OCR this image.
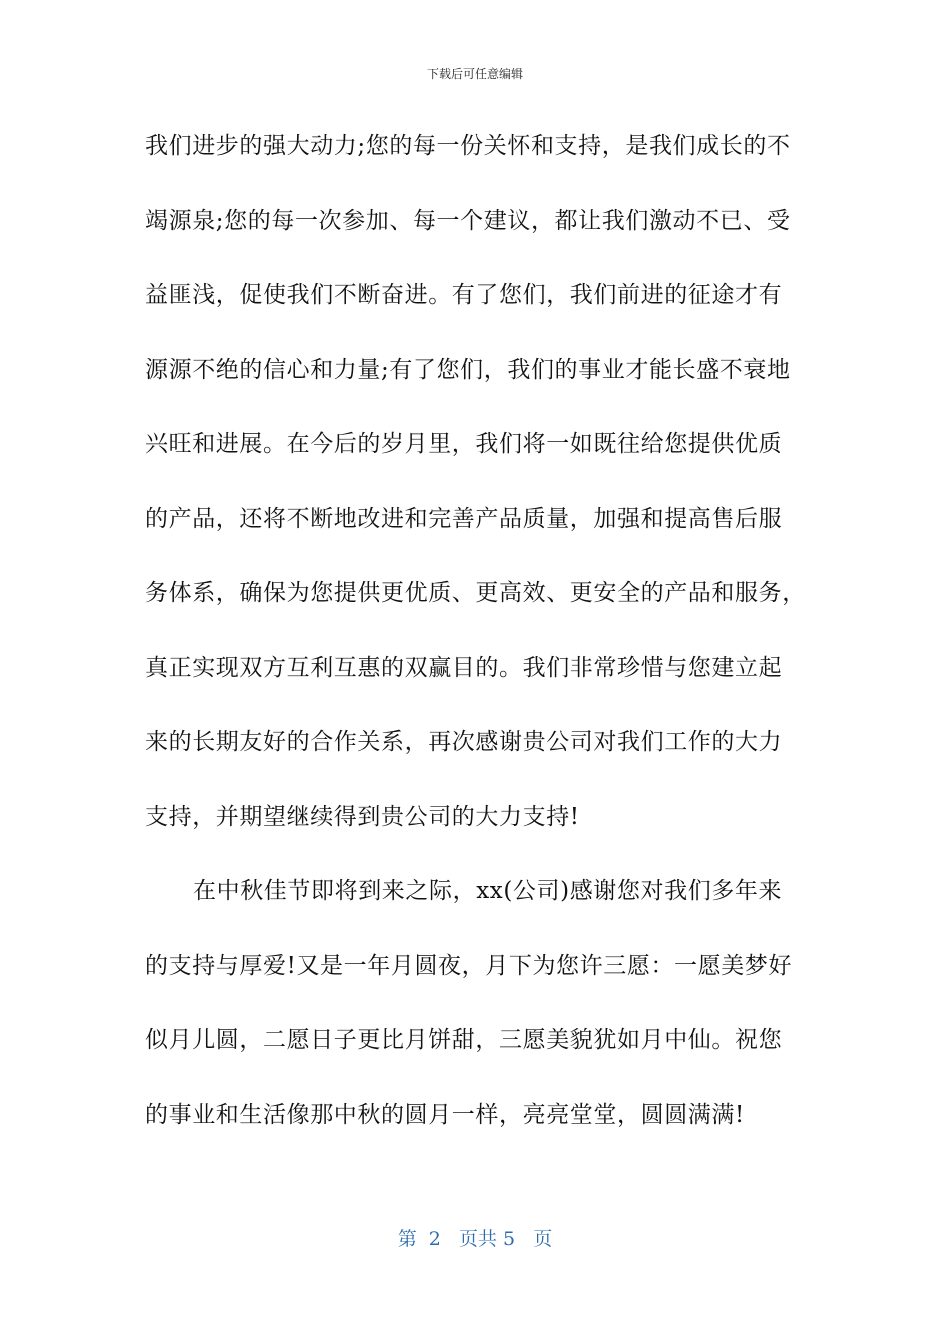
下载后可任意编辑
我们进步的强大动力;您的每一份关怀和支持，是我们成长的不
竭源泉;您的每一次参加、每一个建议，都让我们激动不已、受
益匪浅，促使我们不断奋进。有了您们，我们前进的征途才有
源源不绝的信心和力量;有了您们，我们的事业才能长盛不衰地
兴旺和进展。在今后的岁月里，我们将一如既往给您提供优质
的产品，还将不断地改进和完善产品质量，加强和提高售后服
务体系，确保为您提供更优质、更高效、更安全的产品和服务，
真正实现双方互利互惠的双赢目的。我们非常珍惜与您建立起
来的长期友好的合作关系，再次感谢贵公司对我们工作的大力
支持，并期望继续得到贵公司的大力支持!
在中秋佳节即将到来之际，xx(公司)感谢您对我们多年来
的支持与厚爱!又是一年月圆夜，月下为您许三愿：一愿美梦好
似月儿圆，二愿日子更比月饼甜，三愿美貌犹如月中仙。祝您
的事业和生活像那中秋的圆月一样，亮亮堂堂，圆圆满满!
第  2   页共 5   页
